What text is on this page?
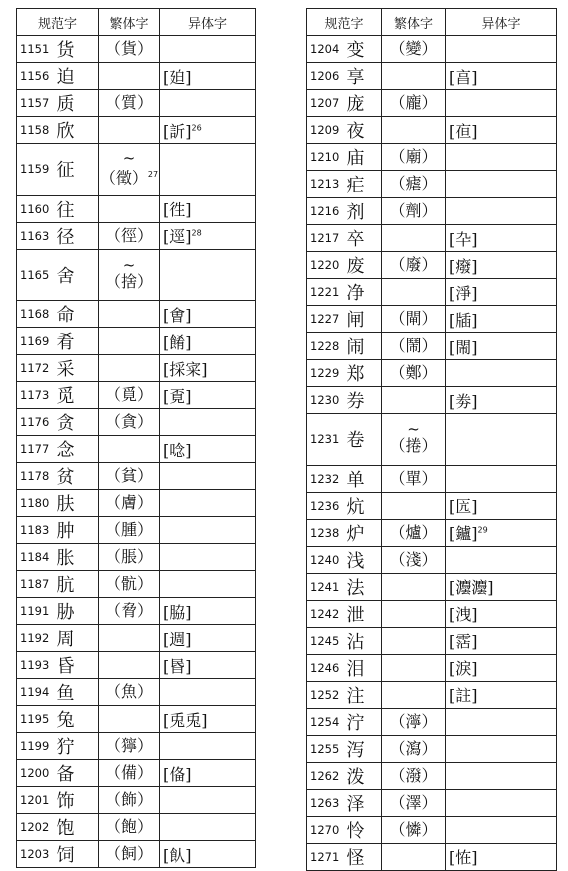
规范字		繁体字	异体字
1151	货	（貨）	

1156	迫		[廹]
1157	质	（質）	

1158	欣		[訢]$^{26}$
1159	征	~
（徵）$^{27}$

1160	往		[徃]
1163	径	（徑）	[逕]$^{28}$
1165	舍	~
（捨）	

1168	命		[㑹]
1169	肴		[餚]
1172	采		[採寀]
1173	觅	（覓）	[覔]
1176	贪	（貪）	

1177	念		[唸]
1178	贫	（貧）	

1180	肤	（膚）	

1183	肿	（腫）	

1184	胀	（脹）	

1187	肮	（骯）	

1191	胁	（脅）	[脇]
1192	周		[週]
1193	昏		[昬]
1194	鱼	（魚）	

1195	兔		[兎兎]
1199	狞	（獰）	

1200	备	（備）	[俻]
1201	饰	（飾）	

1202	饱	（飽）	

1203	饲	（飼）	[飤]
规范字		繁体字	异体字
1204	变	（變）	

1206	享		[亯]
1207	庞	（龐）	

1209	夜		[亱]
1210	庙	（廟）	

1213	疟	（瘧）	

1216	剂	（劑）	

1217	卒		[卆]
1220	废	（廢）	[癈]
1221	净		[淨]
1227	闸	（閘）	[牐]
1228	闹	（鬧）	[閙]
1229	郑	（鄭）	

1230	券		[劵]
1231	卷	~
（捲）	

1232	单	（單）	

1236	炕		[匟]
1238	炉	（爐）	[鑪]$^{29}$
1240	浅	（淺）	

1241	法		[灋灋]
1242	泄		[洩]
1245	沾		[霑]
1246	泪		[淚]
1252	注		[註]
1254	泞	（濘）	

1255	泻	（瀉）	

1262	泼	（潑）	

1263	泽	（澤）	

1270	怜	（憐）	

1271	怪		[恠]
